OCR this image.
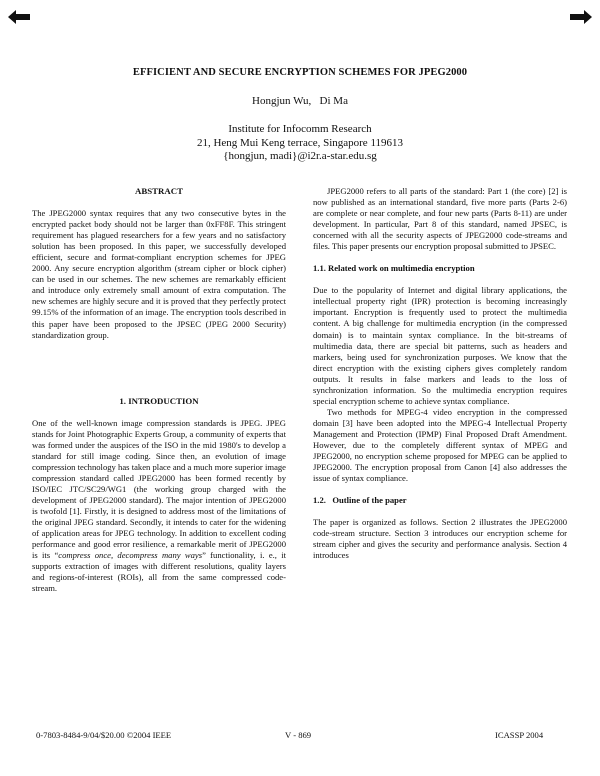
EFFICIENT AND SECURE ENCRYPTION SCHEMES FOR JPEG2000
Hongjun Wu,   Di Ma
Institute for Infocomm Research
21, Heng Mui Keng terrace, Singapore 119613
{hongjun, madi}@i2r.a-star.edu.sg
ABSTRACT

The JPEG2000 syntax requires that any two consecutive bytes in the encrypted packet body should not be larger than 0xFF8F. This stringent requirement has plagued researchers for a few years and no satisfactory solution has been proposed. In this paper, we successfully developed efficient, secure and format-compliant encryption schemes for JPEG 2000. Any secure encryption algorithm (stream cipher or block cipher) can be used in our schemes. The new schemes are remarkably efficient and introduce only extremely small amount of extra computation. The new schemes are highly secure and it is proved that they perfectly protect 99.15% of the information of an image. The encryption tools described in this paper have been proposed to the JPSEC (JPEG 2000 Security) standardization group.

1. INTRODUCTION

One of the well-known image compression standards is JPEG. JPEG stands for Joint Photographic Experts Group, a community of experts that was formed under the auspices of the ISO in the mid 1980's to develop a standard for still image coding. Since then, an evolution of image compression technology has taken place and a much more superior image compression standard called JPEG2000 has been formed recently by ISO/IEC JTC/SC29/WG1 (the working group charged with the development of JPEG2000 standard). The major intention of JPEG2000 is twofold [1]. Firstly, it is designed to address most of the limitations of the original JPEG standard. Secondly, it intends to cater for the widening of application areas for JPEG technology. In addition to excellent coding performance and good error resilience, a remarkable merit of JPEG2000 is its “compress once, decompress many ways” functionality, i. e., it supports extraction of images with different resolutions, quality layers and regions-of-interest (ROIs), all from the same compressed code-stream.

JPEG2000 refers to all parts of the standard: Part 1 (the core) [2] is now published as an international standard, five more parts (Parts 2-6) are complete or near complete, and four new parts (Parts 8-11) are under development. In particular, Part 8 of this standard, named JPSEC, is concerned with all the security aspects of JPEG2000 code-streams and files. This paper presents our encryption proposal submitted to JPSEC.

1.1. Related work on multimedia encryption

Due to the popularity of Internet and digital library applications, the intellectual property right (IPR) protection is becoming increasingly important. Encryption is frequently used to protect the multimedia content. A big challenge for multimedia encryption (in the compressed domain) is to maintain syntax compliance. In the bit-streams of multimedia data, there are special bit patterns, such as headers and markers, being used for synchronization purposes. We know that the direct encryption with the existing ciphers gives completely random outputs. It results in false markers and leads to the loss of synchronization information. So the multimedia encryption requires special encryption scheme to achieve syntax compliance.

Two methods for MPEG-4 video encryption in the compressed domain [3] have been adopted into the MPEG-4 Intellectual Property Management and Protection (IPMP) Final Proposed Draft Amendment. However, due to the completely different syntax of MPEG and JPEG2000, no encryption scheme proposed for MPEG can be applied to JPEG2000. The encryption proposal from Canon [4] also addresses the issue of syntax compliance.

1.2.   Outline of the paper

The paper is organized as follows. Section 2 illustrates the JPEG2000 code-stream structure. Section 3 introduces our encryption scheme for stream cipher and gives the security and performance analysis. Section 4 introduces

0-7803-8484-9/04/$20.00 ©2004 IEEE	V - 869	ICASSP 2004
